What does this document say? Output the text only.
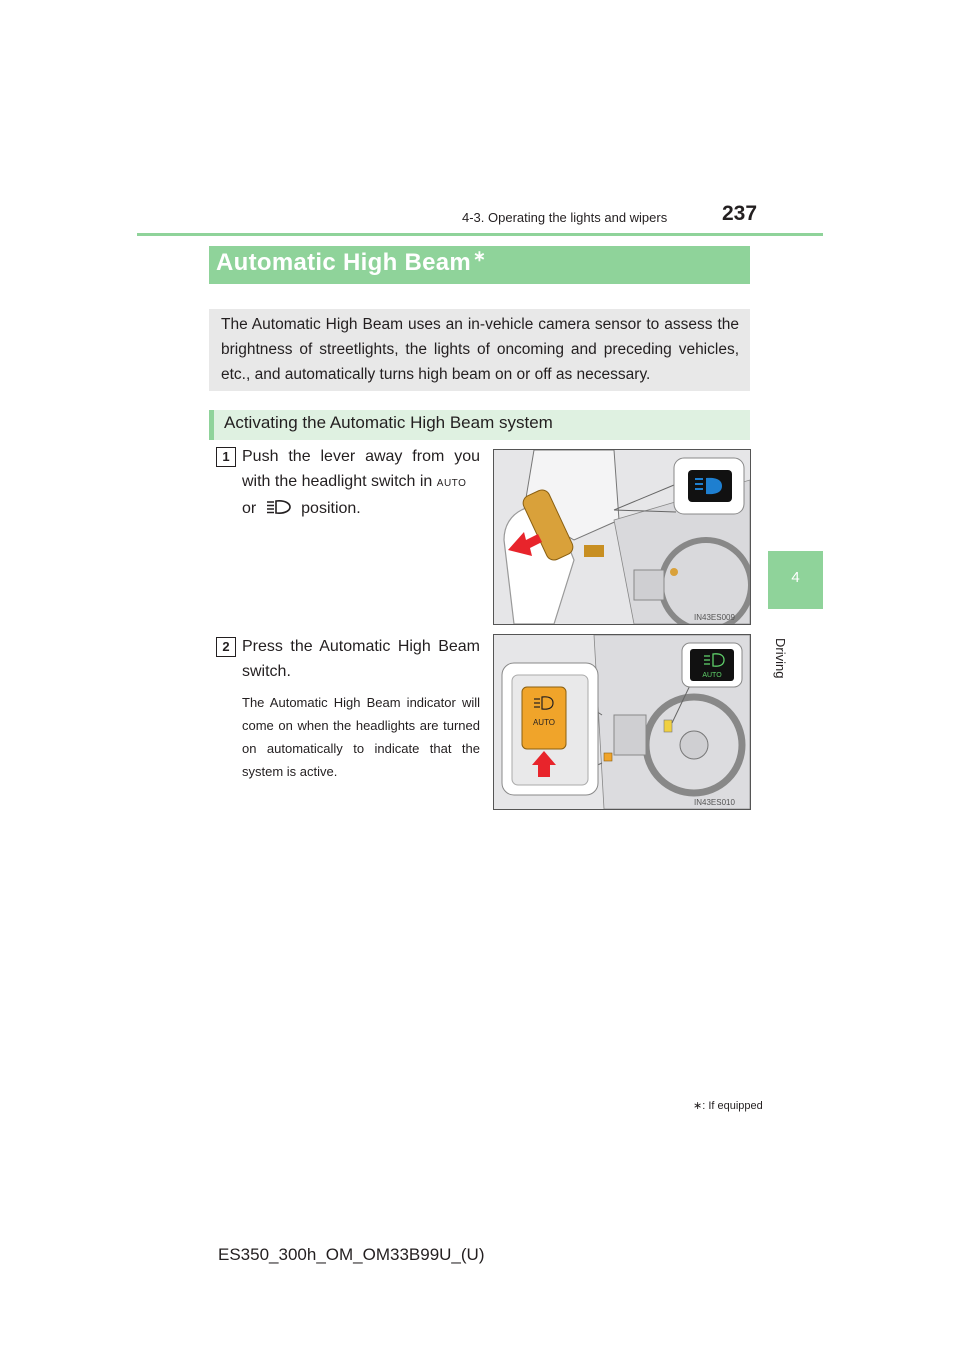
4-3. Operating the lights and wipers	237
4
Driving
Automatic High Beam ∗
The Automatic High Beam uses an in-vehicle camera sensor to assess the brightness of streetlights, the lights of oncoming and preceding vehicles, etc., and automatically turns high beam on or off as necessary.
Activating the Automatic High Beam system
1 Push the lever away from you with the headlight switch in AUTO
or	position.
IN43ES009
2 Press the Automatic High Beam switch.
The Automatic High Beam indicator will come on when the headlights are turned on automatically to indicate that the system is active.
AUTO
AUTO
IN43ES010
∗: If equipped
ES350_300h_OM_OM33B99U_(U)
